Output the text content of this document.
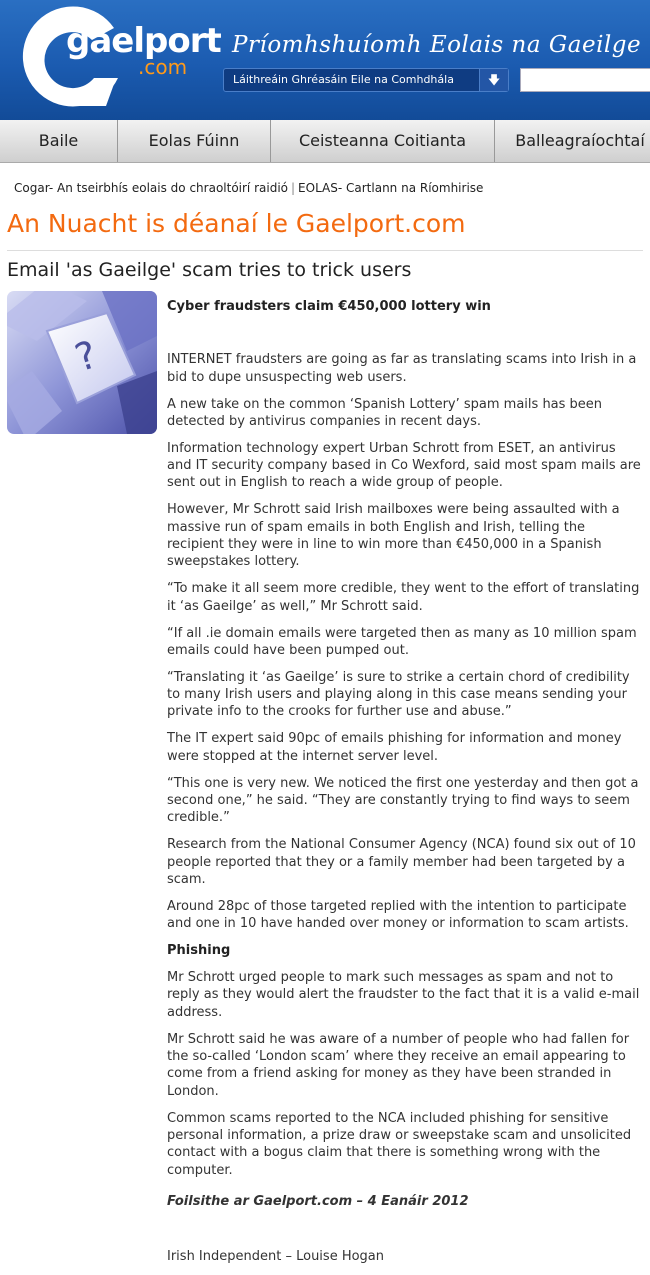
gaelport
.com
Príomhshuíomh Eolais na Gaeilge
Láithreáin Ghréasáin Eile na Comhdhála	🡇
Baile	Eolas Fúinn	Ceisteanna Coitianta	Balleagraíochtaí
Cogar- An tseirbhís eolais do chraoltóirí raidió | EOLAS- Cartlann na Ríomhirise
An Nuacht is déanaí le Gaelport.com
Email 'as Gaeilge' scam tries to trick users
?

Cyber fraudsters claim €450,000 lottery win

INTERNET fraudsters are going as far as translating scams into Irish in a bid to dupe unsuspecting web users.

A new take on the common ‘Spanish Lottery’ spam mails has been detected by antivirus companies in recent days.

Information technology expert Urban Schrott from ESET, an antivirus and IT security company based in Co Wexford, said most spam mails are sent out in English to reach a wide group of people.

However, Mr Schrott said Irish mailboxes were being assaulted with a massive run of spam emails in both English and Irish, telling the recipient they were in line to win more than €450,000 in a Spanish sweepstakes lottery.

“To make it all seem more credible, they went to the effort of translating it ‘as Gaeilge’ as well,” Mr Schrott said.

“If all .ie domain emails were targeted then as many as 10 million spam emails could have been pumped out.

“Translating it ‘as Gaeilge’ is sure to strike a certain chord of credibility to many Irish users and playing along in this case means sending your private info to the crooks for further use and abuse.”

The IT expert said 90pc of emails phishing for information and money were stopped at the internet server level.

“This one is very new. We noticed the first one yesterday and then got a second one,” he said. “They are constantly trying to find ways to seem credible.”

Research from the National Consumer Agency (NCA) found six out of 10 people reported that they or a family member had been targeted by a scam.

Around 28pc of those targeted replied with the intention to participate and one in 10 have handed over money or information to scam artists.

Phishing

Mr Schrott urged people to mark such messages as spam and not to reply as they would alert the fraudster to the fact that it is a valid e-mail address.

Mr Schrott said he was aware of a number of people who had fallen for the so-called ‘London scam’ where they receive an email appearing to come from a friend asking for money as they have been stranded in London.

Common scams reported to the NCA included phishing for sensitive personal information, a prize draw or sweepstake scam and unsolicited contact with a bogus claim that there is something wrong with the computer.

Foilsithe ar Gaelport.com – 4 Eanáir 2012

Irish Independent – Louise Hogan
